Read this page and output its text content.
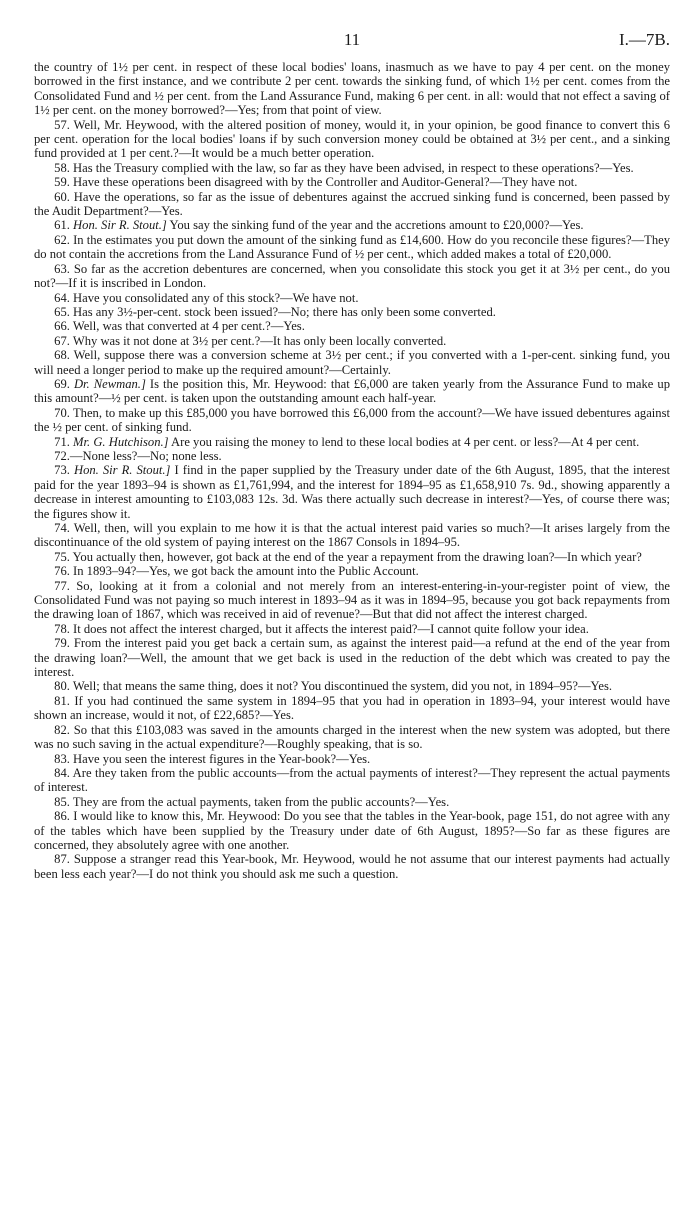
11	I.—7B.

the country of 1½ per cent. in respect of these local bodies' loans, inasmuch as we have to pay 4 per cent. on the money borrowed in the first instance, and we contribute 2 per cent. towards the sinking fund, of which 1½ per cent. comes from the Consolidated Fund and ½ per cent. from the Land Assurance Fund, making 6 per cent. in all: would that not effect a saving of 1½ per cent. on the money borrowed?—Yes; from that point of view.

57. Well, Mr. Heywood, with the altered position of money, would it, in your opinion, be good finance to convert this 6 per cent. operation for the local bodies' loans if by such conversion money could be obtained at 3½ per cent., and a sinking fund provided at 1 per cent.?—It would be a much better operation.

58. Has the Treasury complied with the law, so far as they have been advised, in respect to these operations?—Yes.

59. Have these operations been disagreed with by the Controller and Auditor-General?—They have not.

60. Have the operations, so far as the issue of debentures against the accrued sinking fund is concerned, been passed by the Audit Department?—Yes.

61. Hon. Sir R. Stout.] You say the sinking fund of the year and the accretions amount to £20,000?—Yes.

62. In the estimates you put down the amount of the sinking fund as £14,600. How do you reconcile these figures?—They do not contain the accretions from the Land Assurance Fund of ½ per cent., which added makes a total of £20,000.

63. So far as the accretion debentures are concerned, when you consolidate this stock you get it at 3½ per cent., do you not?—If it is inscribed in London.

64. Have you consolidated any of this stock?—We have not.

65. Has any 3½-per-cent. stock been issued?—No; there has only been some converted.

66. Well, was that converted at 4 per cent.?—Yes.

67. Why was it not done at 3½ per cent.?—It has only been locally converted.

68. Well, suppose there was a conversion scheme at 3½ per cent.; if you converted with a 1-per-cent. sinking fund, you will need a longer period to make up the required amount?—Certainly.

69. Dr. Newman.] Is the position this, Mr. Heywood: that £6,000 are taken yearly from the Assurance Fund to make up this amount?—½ per cent. is taken upon the outstanding amount each half-year.

70. Then, to make up this £85,000 you have borrowed this £6,000 from the account?—We have issued debentures against the ½ per cent. of sinking fund.

71. Mr. G. Hutchison.] Are you raising the money to lend to these local bodies at 4 per cent. or less?—At 4 per cent.

72.—None less?—No; none less.

73. Hon. Sir R. Stout.] I find in the paper supplied by the Treasury under date of the 6th August, 1895, that the interest paid for the year 1893–94 is shown as £1,761,994, and the interest for 1894–95 as £1,658,910 7s. 9d., showing apparently a decrease in interest amounting to £103,083 12s. 3d. Was there actually such decrease in interest?—Yes, of course there was; the figures show it.

74. Well, then, will you explain to me how it is that the actual interest paid varies so much?—It arises largely from the discontinuance of the old system of paying interest on the 1867 Consols in 1894–95.

75. You actually then, however, got back at the end of the year a repayment from the drawing loan?—In which year?

76. In 1893–94?—Yes, we got back the amount into the Public Account.

77. So, looking at it from a colonial and not merely from an interest-entering-in-your-register point of view, the Consolidated Fund was not paying so much interest in 1893–94 as it was in 1894–95, because you got back repayments from the drawing loan of 1867, which was received in aid of revenue?—But that did not affect the interest charged.

78. It does not affect the interest charged, but it affects the interest paid?—I cannot quite follow your idea.

79. From the interest paid you get back a certain sum, as against the interest paid—a refund at the end of the year from the drawing loan?—Well, the amount that we get back is used in the reduction of the debt which was created to pay the interest.

80. Well; that means the same thing, does it not? You discontinued the system, did you not, in 1894–95?—Yes.

81. If you had continued the same system in 1894–95 that you had in operation in 1893–94, your interest would have shown an increase, would it not, of £22,685?—Yes.

82. So that this £103,083 was saved in the amounts charged in the interest when the new system was adopted, but there was no such saving in the actual expenditure?—Roughly speaking, that is so.

83. Have you seen the interest figures in the Year-book?—Yes.

84. Are they taken from the public accounts—from the actual payments of interest?—They represent the actual payments of interest.

85. They are from the actual payments, taken from the public accounts?—Yes.

86. I would like to know this, Mr. Heywood: Do you see that the tables in the Year-book, page 151, do not agree with any of the tables which have been supplied by the Treasury under date of 6th August, 1895?—So far as these figures are concerned, they absolutely agree with one another.

87. Suppose a stranger read this Year-book, Mr. Heywood, would he not assume that our interest payments had actually been less each year?—I do not think you should ask me such a question.
